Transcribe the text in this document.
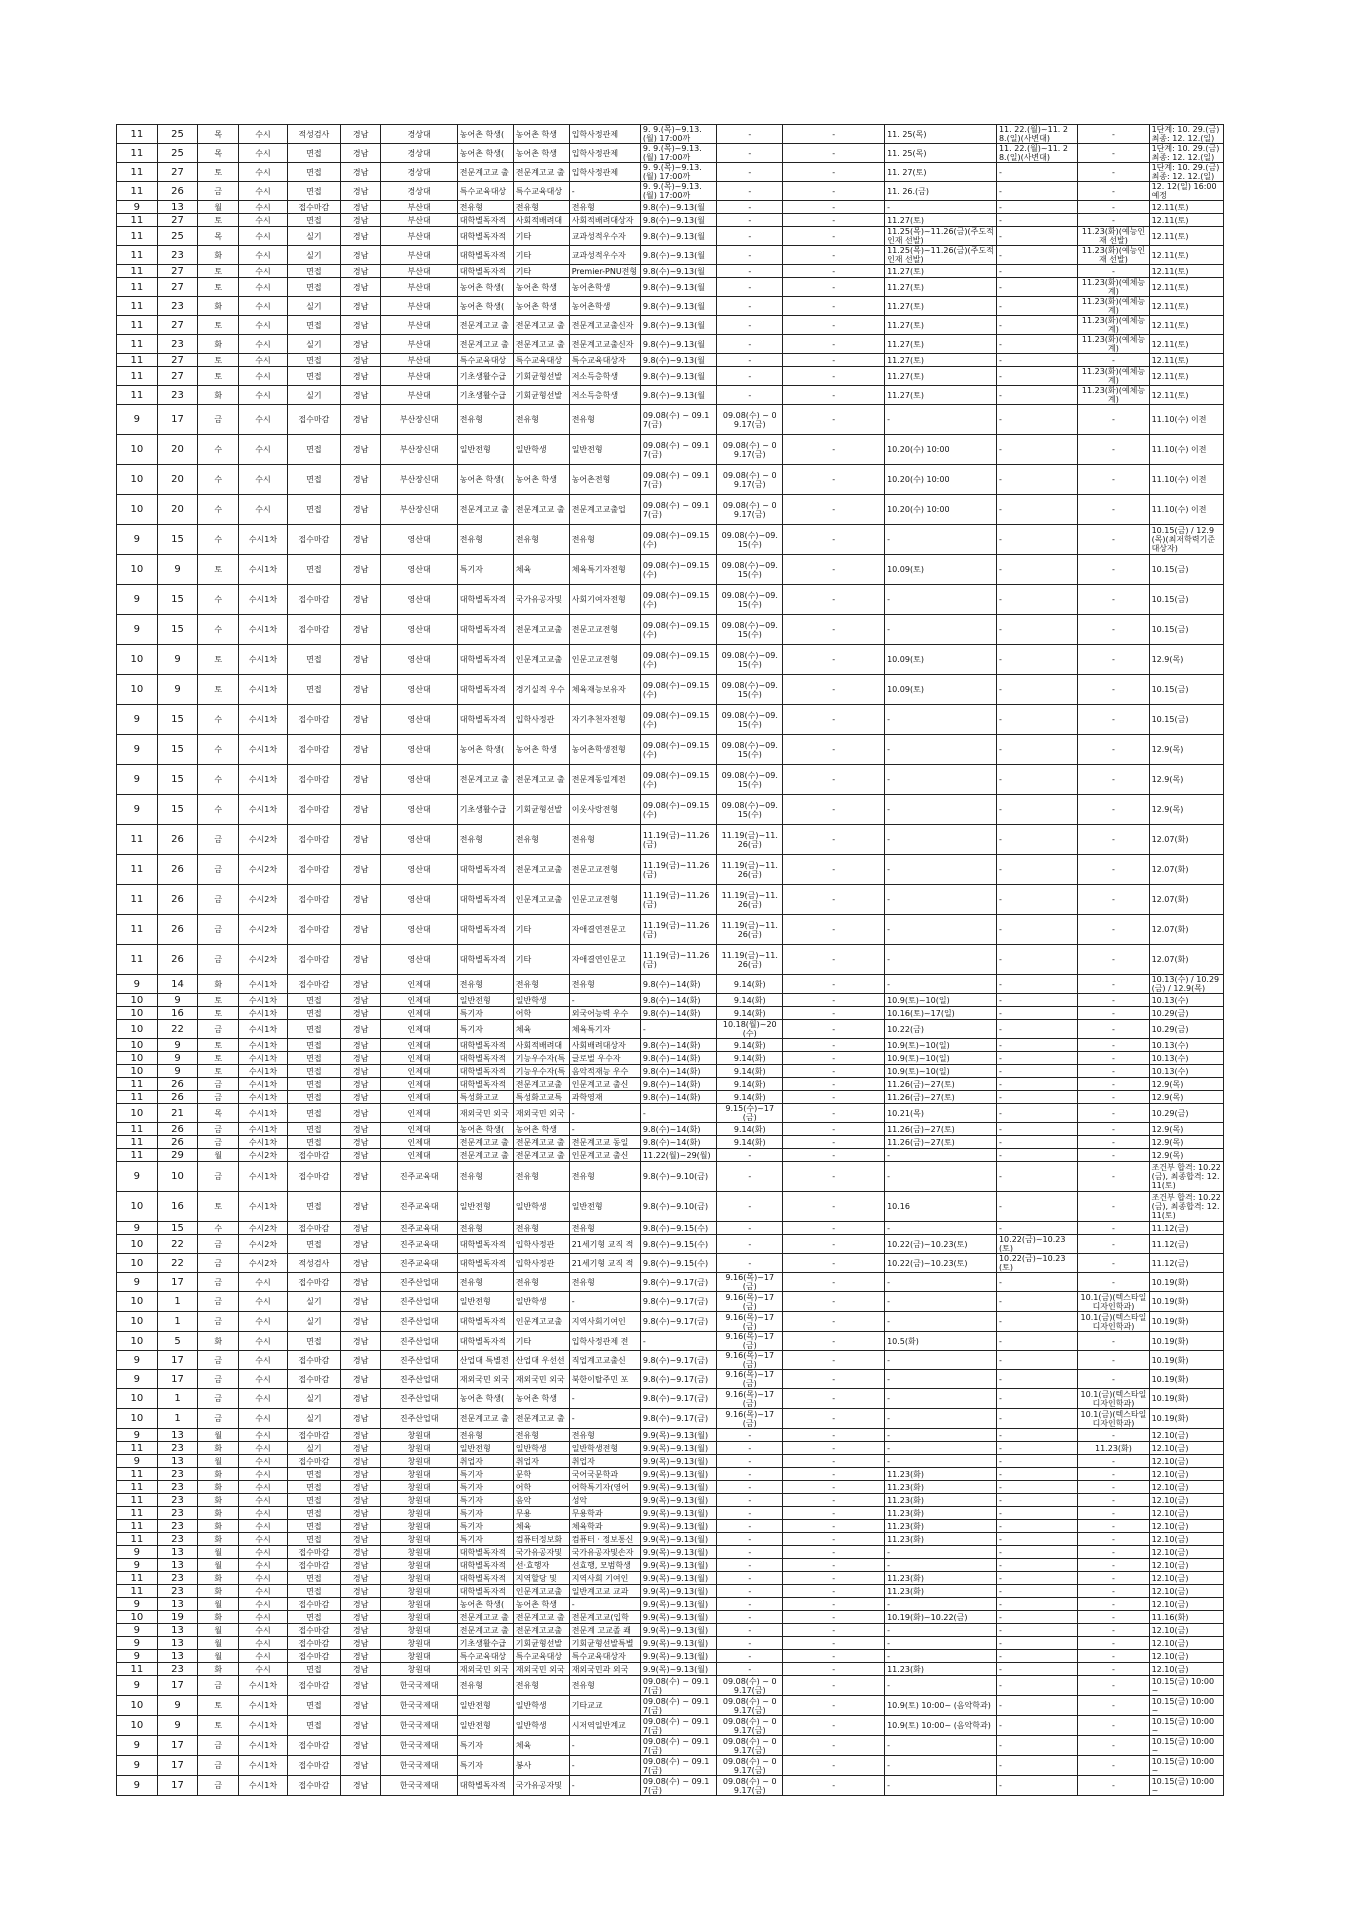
11	25	목	수시	적성검사	경남	경상대	농어촌 학생(	농어촌 학생	입학사정관제	9. 9.(목)~9.13.(월) 17:00까	-	-	11. 25(목)	11. 22.(월)~11. 28.(일)(사변대)	-	1단계: 10. 29.(금) 최종: 12. 12.(일)
11	25	목	수시	면접	경남	경상대	농어촌 학생(	농어촌 학생	입학사정관제	9. 9.(목)~9.13.(월) 17:00까	-	-	11. 25(목)	11. 22.(월)~11. 28.(일)(사변대)	-	1단계: 10. 29.(금) 최종: 12. 12.(일)
11	27	토	수시	면접	경남	경상대	전문계고교 출	전문계고교 출	입학사정관제	9. 9.(목)~9.13.(월) 17:00까	-	-	11. 27(토)	-	-	1단계: 10. 29.(금) 최종: 12. 12.(일)
11	26	금	수시	면접	경남	경상대	특수교육대상	특수교육대상	-	9. 9.(목)~9.13.(월) 17:00까	-	-	11. 26.(금)	-	-	12. 12(일) 16:00 예정
9	13	월	수시	접수마감	경남	부산대	전유형	전유형	전유형	9.8(수)~9.13(월	-	-	-	-	-	12.11(토)
11	27	토	수시	면접	경남	부산대	대학별독자적	사회적배려대	사회적배려대상자	9.8(수)~9.13(월	-	-	11.27(토)	-	-	12.11(토)
11	25	목	수시	실기	경남	부산대	대학별독자적	기타	교과성적우수자	9.8(수)~9.13(월	-	-	11.25(목)~11.26(금)(주도적인재 선발)	-	11.23(화)(예능인재 선발)	12.11(토)
11	23	화	수시	실기	경남	부산대	대학별독자적	기타	교과성적우수자	9.8(수)~9.13(월	-	-	11.25(목)~11.26(금)(주도적인재 선발)	-	11.23(화)(예능인재 선발)	12.11(토)
11	27	토	수시	면접	경남	부산대	대학별독자적	기타	Premier-PNU전형	9.8(수)~9.13(월	-	-	11.27(토)	-	-	12.11(토)
11	27	토	수시	면접	경남	부산대	농어촌 학생(	농어촌 학생	농어촌학생	9.8(수)~9.13(월	-	-	11.27(토)	-	11.23(화)(예체능계)	12.11(토)
11	23	화	수시	실기	경남	부산대	농어촌 학생(	농어촌 학생	농어촌학생	9.8(수)~9.13(월	-	-	11.27(토)	-	11.23(화)(예체능계)	12.11(토)
11	27	토	수시	면접	경남	부산대	전문계고교 출	전문계고교 출	전문계고교출신자	9.8(수)~9.13(월	-	-	11.27(토)	-	11.23(화)(예체능계)	12.11(토)
11	23	화	수시	실기	경남	부산대	전문계고교 출	전문계고교 출	전문계고교출신자	9.8(수)~9.13(월	-	-	11.27(토)	-	11.23(화)(예체능계)	12.11(토)
11	27	토	수시	면접	경남	부산대	특수교육대상	특수교육대상	특수교육대상자	9.8(수)~9.13(월	-	-	11.27(토)	-	-	12.11(토)
11	27	토	수시	면접	경남	부산대	기초생활수급	기회균형선발	저소득층학생	9.8(수)~9.13(월	-	-	11.27(토)	-	11.23(화)(예체능계)	12.11(토)
11	23	화	수시	실기	경남	부산대	기초생활수급	기회균형선발	저소득층학생	9.8(수)~9.13(월	-	-	11.27(토)	-	11.23(화)(예체능계)	12.11(토)
9	17	금	수시	접수마감	경남	부산장신대	전유형	전유형	전유형	09.08(수) ~ 09.17(금)	09.08(수) ~ 09.17(금)	-	-	-	-	11.10(수) 이전
10	20	수	수시	면접	경남	부산장신대	일반전형	일반학생	일반전형	09.08(수) ~ 09.17(금)	09.08(수) ~ 09.17(금)	-	10.20(수) 10:00	-	-	11.10(수) 이전
10	20	수	수시	면접	경남	부산장신대	농어촌 학생(	농어촌 학생	농어촌전형	09.08(수) ~ 09.17(금)	09.08(수) ~ 09.17(금)	-	10.20(수) 10:00	-	-	11.10(수) 이전
10	20	수	수시	면접	경남	부산장신대	전문계고교 출	전문계고교 출	전문계고교출업	09.08(수) ~ 09.17(금)	09.08(수) ~ 09.17(금)	-	10.20(수) 10:00	-	-	11.10(수) 이전
9	15	수	수시1차	접수마감	경남	영산대	전유형	전유형	전유형	09.08(수)~09.15(수)	09.08(수)~09.15(수)	-	-	-	-	10.15(금) / 12.9(목)(최저학력기준 대상자)
10	9	토	수시1차	면접	경남	영산대	특기자	체육	체육특기자전형	09.08(수)~09.15(수)	09.08(수)~09.15(수)	-	10.09(토)	-	-	10.15(금)
9	15	수	수시1차	접수마감	경남	영산대	대학별독자적	국가유공자및	사회기여자전형	09.08(수)~09.15(수)	09.08(수)~09.15(수)	-	-	-	-	10.15(금)
9	15	수	수시1차	접수마감	경남	영산대	대학별독자적	전문계고교출	전문고교전형	09.08(수)~09.15(수)	09.08(수)~09.15(수)	-	-	-	-	10.15(금)
10	9	토	수시1차	면접	경남	영산대	대학별독자적	인문계고교출	인문고교전형	09.08(수)~09.15(수)	09.08(수)~09.15(수)	-	10.09(토)	-	-	12.9(목)
10	9	토	수시1차	면접	경남	영산대	대학별독자적	경기실적 우수	체육재능보유자	09.08(수)~09.15(수)	09.08(수)~09.15(수)	-	10.09(토)	-	-	10.15(금)
9	15	수	수시1차	접수마감	경남	영산대	대학별독자적	입학사정관	자기추천자전형	09.08(수)~09.15(수)	09.08(수)~09.15(수)	-	-	-	-	10.15(금)
9	15	수	수시1차	접수마감	경남	영산대	농어촌 학생(	농어촌 학생	농어촌학생전형	09.08(수)~09.15(수)	09.08(수)~09.15(수)	-	-	-	-	12.9(목)
9	15	수	수시1차	접수마감	경남	영산대	전문계고교 출	전문계고교 출	전문계동일계전	09.08(수)~09.15(수)	09.08(수)~09.15(수)	-	-	-	-	12.9(목)
9	15	수	수시1차	접수마감	경남	영산대	기초생활수급	기회균형선발	이웃사랑전형	09.08(수)~09.15(수)	09.08(수)~09.15(수)	-	-	-	-	12.9(목)
11	26	금	수시2차	접수마감	경남	영산대	전유형	전유형	전유형	11.19(금)~11.26(금)	11.19(금)~11.26(금)	-	-	-	-	12.07(화)
11	26	금	수시2차	접수마감	경남	영산대	대학별독자적	전문계고교출	전문고교전형	11.19(금)~11.26(금)	11.19(금)~11.26(금)	-	-	-	-	12.07(화)
11	26	금	수시2차	접수마감	경남	영산대	대학별독자적	인문계고교출	인문고교전형	11.19(금)~11.26(금)	11.19(금)~11.26(금)	-	-	-	-	12.07(화)
11	26	금	수시2차	접수마감	경남	영산대	대학별독자적	기타	자애결연전문고	11.19(금)~11.26(금)	11.19(금)~11.26(금)	-	-	-	-	12.07(화)
11	26	금	수시2차	접수마감	경남	영산대	대학별독자적	기타	자애결연인문고	11.19(금)~11.26(금)	11.19(금)~11.26(금)	-	-	-	-	12.07(화)
9	14	화	수시1차	접수마감	경남	인제대	전유형	전유형	전유형	9.8(수)~14(화)	9.14(화)	-	-	-	-	10.13(수) / 10.29(금) / 12.9(목)
10	9	토	수시1차	면접	경남	인제대	일반전형	일반학생	-	9.8(수)~14(화)	9.14(화)	-	10.9(토)~10(일)	-	-	10.13(수)
10	16	토	수시1차	면접	경남	인제대	특기자	어학	외국어능력 우수	9.8(수)~14(화)	9.14(화)	-	10.16(토)~17(일)	-	-	10.29(금)
10	22	금	수시1차	면접	경남	인제대	특기자	체육	체육특기자	-	10.18(월)~20(수)	-	10.22(금)	-	-	10.29(금)
10	9	토	수시1차	면접	경남	인제대	대학별독자적	사회적배려대	사회배려대상자	9.8(수)~14(화)	9.14(화)	-	10.9(토)~10(일)	-	-	10.13(수)
10	9	토	수시1차	면접	경남	인제대	대학별독자적	기능우수자(특	글로벌 우수자	9.8(수)~14(화)	9.14(화)	-	10.9(토)~10(일)	-	-	10.13(수)
10	9	토	수시1차	면접	경남	인제대	대학별독자적	기능우수자(특	음악적재능 우수	9.8(수)~14(화)	9.14(화)	-	10.9(토)~10(일)	-	-	10.13(수)
11	26	금	수시1차	면접	경남	인제대	대학별독자적	전문계고교출	인문계고교 출신	9.8(수)~14(화)	9.14(화)	-	11.26(금)~27(토)	-	-	12.9(목)
11	26	금	수시1차	면접	경남	인제대	특성화고교	특성화고교특	과학영재	9.8(수)~14(화)	9.14(화)	-	11.26(금)~27(토)	-	-	12.9(목)
10	21	목	수시1차	면접	경남	인제대	재외국민 외국	재외국민 외국	-	-	9.15(수)~17(금)	-	10.21(목)	-	-	10.29(금)
11	26	금	수시1차	면접	경남	인제대	농어촌 학생(	농어촌 학생	-	9.8(수)~14(화)	9.14(화)	-	11.26(금)~27(토)	-	-	12.9(목)
11	26	금	수시1차	면접	경남	인제대	전문계고교 출	전문계고교 출	전문계고교 동일	9.8(수)~14(화)	9.14(화)	-	11.26(금)~27(토)	-	-	12.9(목)
11	29	월	수시2차	접수마감	경남	인제대	전문계고교 출	전문계고교 출	인문계고교 출신	11.22(월)~29(월)	-	-	-	-	-	12.9(목)
9	10	금	수시1차	접수마감	경남	진주교육대	전유형	전유형	전유형	9.8(수)~9.10(금)	-	-	-	-	-	조건부 합격: 10.22(금), 최종합격: 12.11(토)
10	16	토	수시1차	면접	경남	진주교육대	일반전형	일반학생	일반전형	9.8(수)~9.10(금)	-	-	10.16	-	-	조건부 합격: 10.22(금), 최종합격: 12.11(토)
9	15	수	수시2차	접수마감	경남	진주교육대	전유형	전유형	전유형	9.8(수)~9.15(수)	-	-	-	-	-	11.12(금)
10	22	금	수시2차	면접	경남	진주교육대	대학별독자적	입학사정관	21세기형 교직 적	9.8(수)~9.15(수)	-	-	10.22(금)~10.23(토)	10.22(금)~10.23(토)	-	11.12(금)
10	22	금	수시2차	적성검사	경남	진주교육대	대학별독자적	입학사정관	21세기형 교직 적	9.8(수)~9.15(수)	-	-	10.22(금)~10.23(토)	10.22(금)~10.23(토)	-	11.12(금)
9	17	금	수시	접수마감	경남	진주산업대	전유형	전유형	전유형	9.8(수)~9.17(금)	9.16(목)~17(금)	-	-	-	-	10.19(화)
10	1	금	수시	실기	경남	진주산업대	일반전형	일반학생	-	9.8(수)~9.17(금)	9.16(목)~17(금)	-	-	-	10.1(금)(텍스타일디자인학과)	10.19(화)
10	1	금	수시	실기	경남	진주산업대	대학별독자적	인문계고교출	지역사회기여인	9.8(수)~9.17(금)	9.16(목)~17(금)	-	-	-	10.1(금)(텍스타일디자인학과)	10.19(화)
10	5	화	수시	면접	경남	진주산업대	대학별독자적	기타	입학사정관제 전	-	9.16(목)~17(금)	-	10.5(화)	-	-	10.19(화)
9	17	금	수시	접수마감	경남	진주산업대	산업대 특별전	산업대 우선선	직업계고교출신	9.8(수)~9.17(금)	9.16(목)~17(금)	-	-	-	-	10.19(화)
9	17	금	수시	접수마감	경남	진주산업대	재외국민 외국	재외국민 외국	북한이탈주민 포	9.8(수)~9.17(금)	9.16(목)~17(금)	-	-	-	-	10.19(화)
10	1	금	수시	실기	경남	진주산업대	농어촌 학생(	농어촌 학생	-	9.8(수)~9.17(금)	9.16(목)~17(금)	-	-	-	10.1(금)(텍스타일디자인학과)	10.19(화)
10	1	금	수시	실기	경남	진주산업대	전문계고교 출	전문계고교 출	-	9.8(수)~9.17(금)	9.16(목)~17(금)	-	-	-	10.1(금)(텍스타일디자인학과)	10.19(화)
9	13	월	수시	접수마감	경남	창원대	전유형	전유형	전유형	9.9(목)~9.13(월)	-	-	-	-	-	12.10(금)
11	23	화	수시	실기	경남	창원대	일반전형	일반학생	일반학생전형	9.9(목)~9.13(월)	-	-	-	-	11.23(화)	12.10(금)
9	13	월	수시	접수마감	경남	창원대	취업자	취업자	취업자	9.9(목)~9.13(월)	-	-	-	-	-	12.10(금)
11	23	화	수시	면접	경남	창원대	특기자	문학	국어국문학과	9.9(목)~9.13(월)	-	-	11.23(화)	-	-	12.10(금)
11	23	화	수시	면접	경남	창원대	특기자	어학	어학특기자(영어	9.9(목)~9.13(월)	-	-	11.23(화)	-	-	12.10(금)
11	23	화	수시	면접	경남	창원대	특기자	음악	성악	9.9(목)~9.13(월)	-	-	11.23(화)	-	-	12.10(금)
11	23	화	수시	면접	경남	창원대	특기자	무용	무용학과	9.9(목)~9.13(월)	-	-	11.23(화)	-	-	12.10(금)
11	23	화	수시	면접	경남	창원대	특기자	체육	체육학과	9.9(목)~9.13(월)	-	-	11.23(화)	-	-	12.10(금)
11	23	화	수시	면접	경남	창원대	특기자	컴퓨터정보화	컴퓨터 · 정보통신	9.9(목)~9.13(월)	-	-	11.23(화)	-	-	12.10(금)
9	13	월	수시	접수마감	경남	창원대	대학별독자적	국가유공자및	국가유공자및손자	9.9(목)~9.13(월)	-	-	-	-	-	12.10(금)
9	13	월	수시	접수마감	경남	창원대	대학별독자적	선·효행자	선효행, 모범학생	9.9(목)~9.13(월)	-	-	-	-	-	12.10(금)
11	23	화	수시	면접	경남	창원대	대학별독자적	지역할당 및	지역사회 기여인	9.9(목)~9.13(월)	-	-	11.23(화)	-	-	12.10(금)
11	23	화	수시	면접	경남	창원대	대학별독자적	인문계고교출	일반계고교 교과	9.9(목)~9.13(월)	-	-	11.23(화)	-	-	12.10(금)
9	13	월	수시	접수마감	경남	창원대	농어촌 학생(	농어촌 학생	-	9.9(목)~9.13(월)	-	-	-	-	-	12.10(금)
10	19	화	수시	면접	경남	창원대	전문계고교 출	전문계고교 출	전문계고교(입학	9.9(목)~9.13(월)	-	-	10.19(화)~10.22(금)	-	-	11.16(화)
9	13	월	수시	접수마감	경남	창원대	전문계고교 출	전문계고교출	전문계 고교졸 쾌	9.9(목)~9.13(월)	-	-	-	-	-	12.10(금)
9	13	월	수시	접수마감	경남	창원대	기초생활수급	기회균형선발	기회균형선발특별	9.9(목)~9.13(월)	-	-	-	-	-	12.10(금)
9	13	월	수시	접수마감	경남	창원대	특수교육대상	특수교육대상	특수교육대상자	9.9(목)~9.13(월)	-	-	-	-	-	12.10(금)
11	23	화	수시	면접	경남	창원대	재외국민 외국	재외국민 외국	재외국민과 외국	9.9(목)~9.13(월)	-	-	11.23(화)	-	-	12.10(금)
9	17	금	수시1차	접수마감	경남	한국국제대	전유형	전유형	전유형	09.08(수) ~ 09.17(금)	09.08(수) ~ 09.17(금)	-	-	-	-	10.15(금) 10:00 ~
10	9	토	수시1차	면접	경남	한국국제대	일반전형	일반학생	기타교교	09.08(수) ~ 09.17(금)	09.08(수) ~ 09.17(금)	-	10.9(토) 10:00~ (음악학과)	-	-	10.15(금) 10:00 ~
10	9	토	수시1차	면접	경남	한국국제대	일반전형	일반학생	시저역일반계교	09.08(수) ~ 09.17(금)	09.08(수) ~ 09.17(금)	-	10.9(토) 10:00~ (음악학과)	-	-	10.15(금) 10:00 ~
9	17	금	수시1차	접수마감	경남	한국국제대	특기자	체육	-	09.08(수) ~ 09.17(금)	09.08(수) ~ 09.17(금)	-	-	-	-	10.15(금) 10:00 ~
9	17	금	수시1차	접수마감	경남	한국국제대	특기자	봉사	-	09.08(수) ~ 09.17(금)	09.08(수) ~ 09.17(금)	-	-	-	-	10.15(금) 10:00 ~
9	17	금	수시1차	접수마감	경남	한국국제대	대학별독자적	국가유공자및	-	09.08(수) ~ 09.17(금)	09.08(수) ~ 09.17(금)	-	-	-	-	10.15(금) 10:00 ~
